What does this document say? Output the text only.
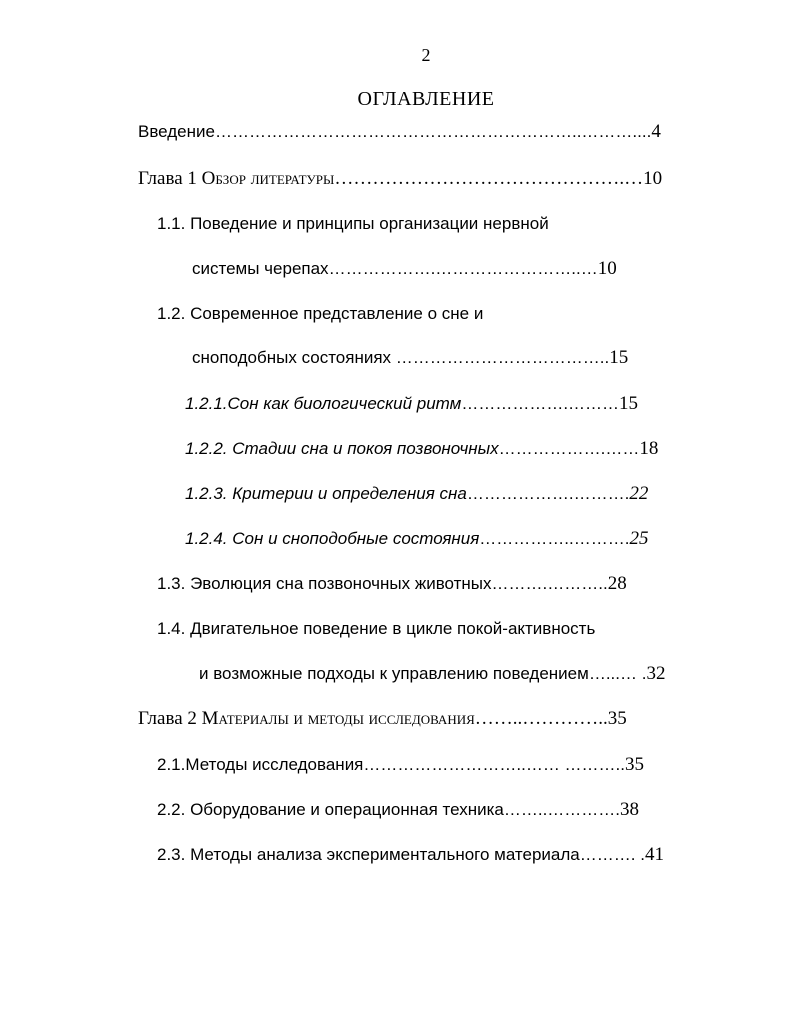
2
ОГЛАВЛЕНИЕ
Введение………………………………………………………..………....4
Глава 1 Обзор литературы……………………………………….…10
1.1. Поведение и принципы организации нервной
системы черепах……………….……………………..…10
1.2. Современное представление о сне и
сноподобных состояниях ………………………………..15
1.2.1.Сон как биологический ритм……………….………15
1.2.2. Стадии сна и покоя позвоночных……………….……18
1.2.3. Критерии и определения сна……………….……….22
1.2.4. Сон и сноподобные состояния……………..……….25
1.3. Эволюция сна позвоночных животных……….………..28
1.4. Двигательное поведение в цикле покой-активность
и возможные подходы к управлению поведением…...… .32
Глава 2 Материалы и методы исследования……..…………..35
2.1.Методы исследования………………………..…… ………..35
2.2. Оборудование и операционная техника……..………….38
2.3. Методы анализа экспериментального материала………. .41
